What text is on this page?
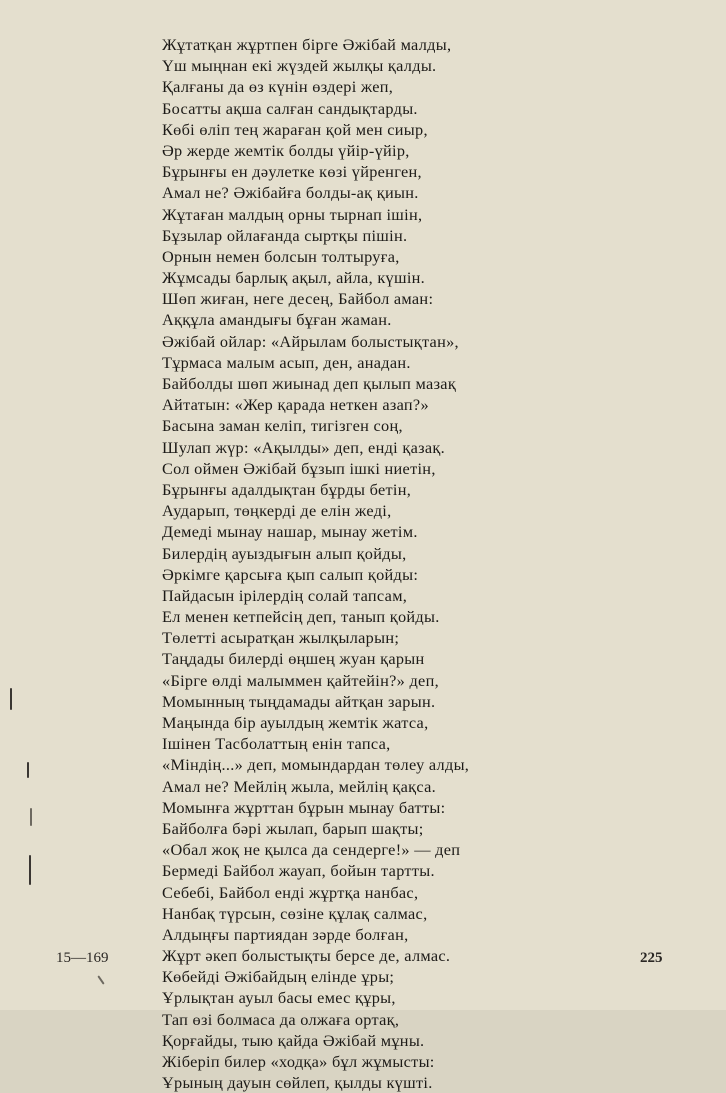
Жұтатқан жұртпен бірге Әжібай малды,
Үш мыңнан екі жүздей жылқы қалды.
Қалғаны да өз күнін өздері жеп,
Босатты ақша салған сандықтарды.
Көбі өліп тең жараған қой мен сиыр,
Әр жерде жемтік болды үйір-үйір,
Бұрынғы ен дәулетке көзі үйренген,
Амал не? Әжібайға болды-ақ қиын.
Жұтаған малдың орны тырнап ішін,
Бұзылар ойлағанда сыртқы пішін.
Орнын немен болсын толтыруға,
Жұмсады барлық ақыл, айла, күшін.
Шөп жиған, неге десең, Байбол аман:
Аққұла амандығы бұған жаман.
Әжібай ойлар: «Айрылам болыстықтан»,
Тұрмаса малым асып, ден, анадан.
Байболды шөп жиынад деп қылып мазақ
Айтатын: «Жер қарада неткен азап?»
Басына заман келіп, тигізген соң,
Шулап жүр: «Ақылды» деп, енді қазақ.
Сол оймен Әжібай бұзып ішкі ниетін,
Бұрынғы адалдықтан бұрды бетін,
Аударып, төңкерді де елін жеді,
Демеді мынау нашар, мынау жетім.
Билердің ауыздығын алып қойды,
Әркімге қарсыға қып салып қойды:
Пайдасын ірілердің солай тапсам,
Ел менен кетпейсің деп, танып қойды.
Төлетті асыратқан жылқыларын;
Таңдады билерді өңшең жуан қарын
«Бірге өлді малыммен қайтейін?» деп,
Момынның тыңдамады айтқан зарын.
Маңында бір ауылдың жемтік жатса,
Ішінен Тасболаттың енін тапса,
«Міндің...» деп, момындардан төлеу алды,
Амал не? Мейлің жыла, мейлің қақса.
Момынға жұрттан бұрын мынау батты:
Байболға бәрі жылап, барып шақты;
«Обал жоқ не қылса да сендерге!» — деп
Бермеді Байбол жауап, бойын тартты.
Себебі, Байбол енді жұртқа нанбас,
Нанбақ түрсын, сөзіне құлақ салмас,
Алдыңғы партиядан зәрде болған,
Жұрт әкеп болыстықты берсе де, алмас.
Көбейді Әжібайдың елінде ұры;
Ұрлықтан ауыл басы емес құры,
Тап өзі болмаса да олжаға ортақ,
Қорғайды, тыю қайда Әжібай мұны.
Жіберіп билер «ходқа» бұл жұмысты:
Ұрының дауын сөйлеп, қылды күшті.
15—169	225
